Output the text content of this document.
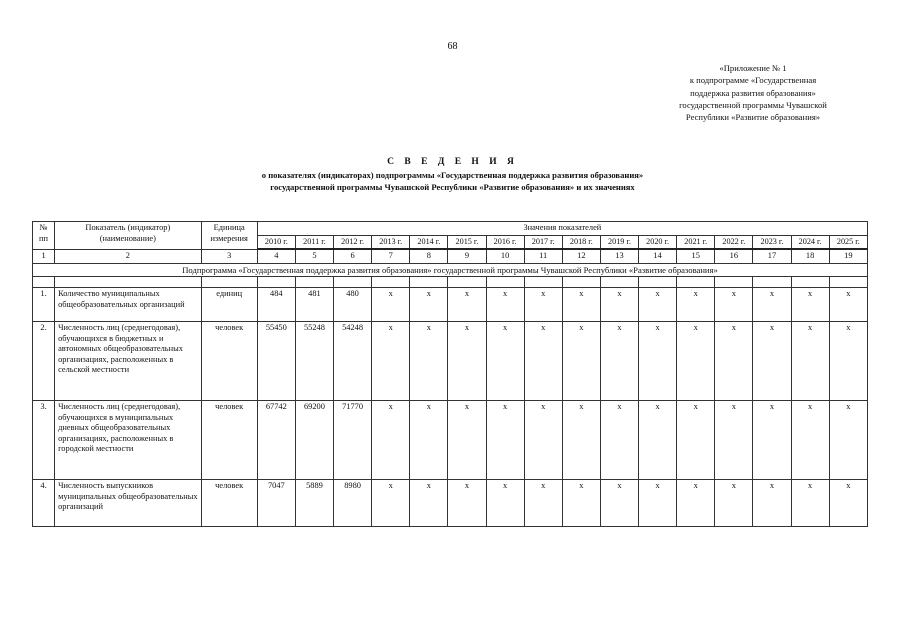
68
«Приложение № 1
к подпрограмме «Государственная
поддержка развития образования»
государственной программы Чувашской
Республики «Развитие образования»
С В Е Д Е Н И Я
о показателях (индикаторах) подпрограммы «Государственная поддержка развития образования»
государственной программы Чувашской Республики «Развитие образования» и их значениях
№ пп	Показатель (индикатор) (наименование)	Единица измерения	Значения показателей															
			2010 г.	2011 г.	2012 г.	2013 г.	2014 г.	2015 г.	2016 г.	2017 г.	2018 г.	2019 г.	2020 г.	2021 г.	2022 г.	2023 г.	2024 г.	2025 г.
1	2	3	4	5	6	7	8	9	10	11	12	13	14	15	16	17	18	19
Подпрограмма «Государственная поддержка развития образования» государственной программы Чувашской Республики «Развитие образования»																		

1.	Количество муниципальных общеобразовательных организаций	единиц	484	481	480	х	х	х	х	х	х	х	х	х	х	х	х	х
2.	Численность лиц (среднегодовая), обучающихся в бюджетных и автономных общеобразовательных организациях, расположенных в сельской местности	человек	55450	55248	54248	х	х	х	х	х	х	х	х	х	х	х	х	х
3.	Численность лиц (среднегодовая), обучающихся в муниципальных дневных общеобразовательных организациях, расположенных в городской местности	человек	67742	69200	71770	х	х	х	х	х	х	х	х	х	х	х	х	х
4.	Численность выпускников муниципальных общеобразовательных организаций	человек	7047	5889	8980	х	х	х	х	х	х	х	х	х	х	х	х	х
